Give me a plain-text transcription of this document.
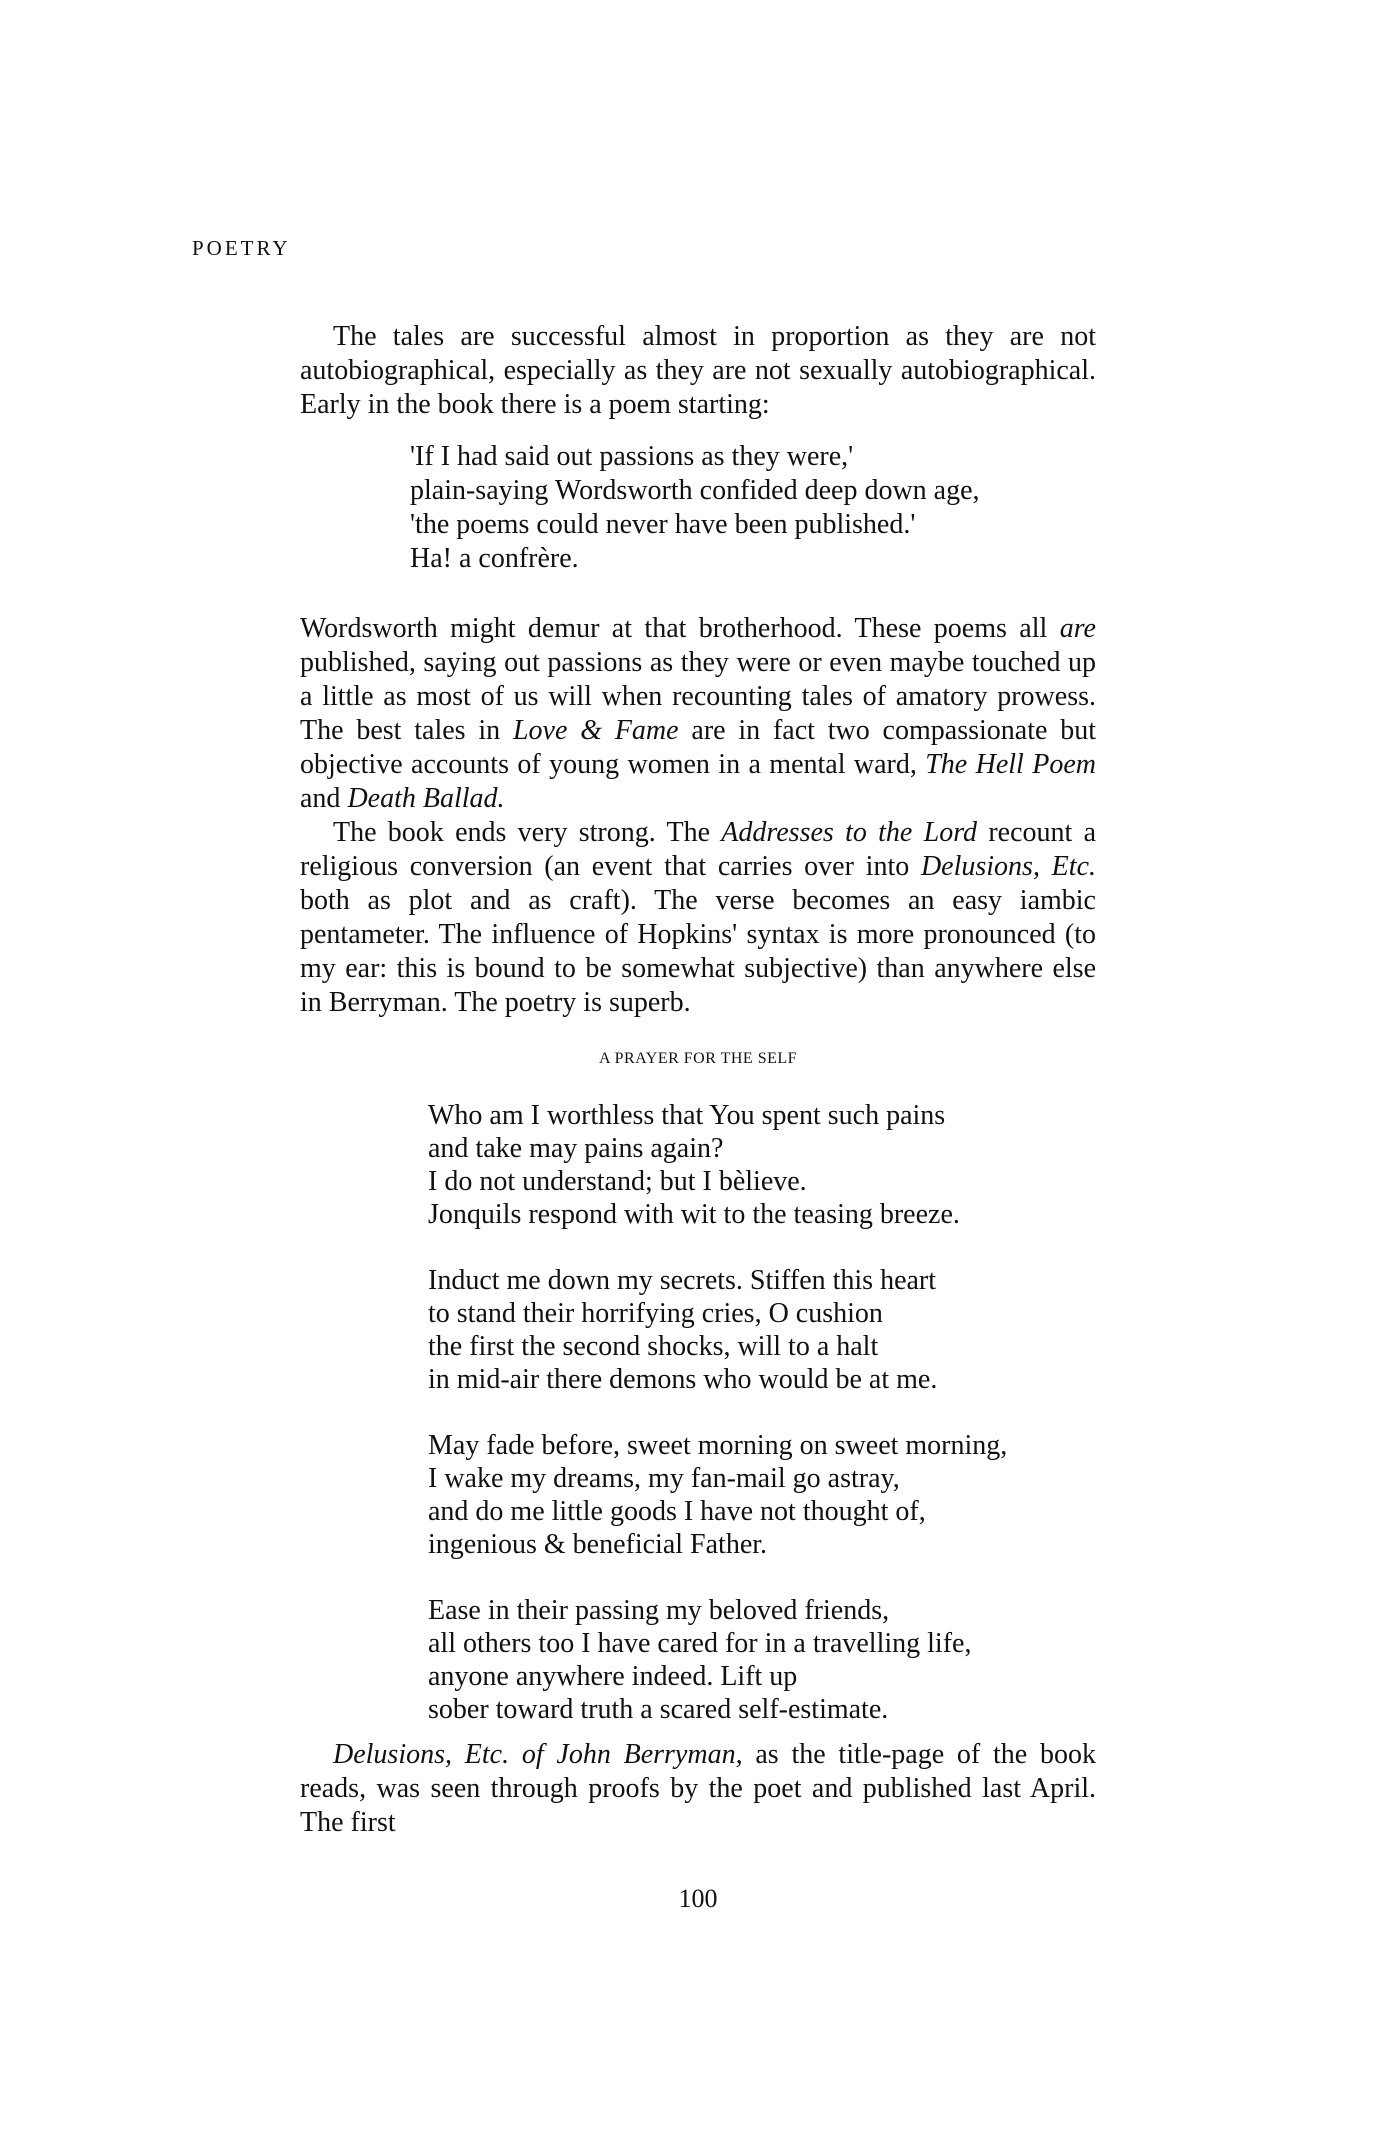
POETRY

The tales are successful almost in proportion as they are not autobiographical, especially as they are not sexually autobiographical. Early in the book there is a poem starting:

'If I had said out passions as they were,'
plain-saying Wordsworth confided deep down age,
'the poems could never have been published.'
Ha! a confrère.

Wordsworth might demur at that brotherhood. These poems all are published, saying out passions as they were or even maybe touched up a little as most of us will when recounting tales of amatory prowess. The best tales in Love & Fame are in fact two compassionate but objective accounts of young women in a mental ward, The Hell Poem and Death Ballad.

The book ends very strong. The Addresses to the Lord recount a religious conversion (an event that carries over into Delusions, Etc. both as plot and as craft). The verse becomes an easy iambic pentameter. The influence of Hopkins' syntax is more pronounced (to my ear: this is bound to be somewhat subjective) than anywhere else in Berryman. The poetry is superb.

A PRAYER FOR THE SELF
Who am I worthless that You spent such pains
and take may pains again?
I do not understand; but I bèlieve.
Jonquils respond with wit to the teasing breeze.
Induct me down my secrets. Stiffen this heart
to stand their horrifying cries, O cushion
the first the second shocks, will to a halt
in mid-air there demons who would be at me.
May fade before, sweet morning on sweet morning,
I wake my dreams, my fan-mail go astray,
and do me little goods I have not thought of,
ingenious & beneficial Father.
Ease in their passing my beloved friends,
all others too I have cared for in a travelling life,
anyone anywhere indeed. Lift up
sober toward truth a scared self-estimate.

Delusions, Etc. of John Berryman, as the title-page of the book reads, was seen through proofs by the poet and published last April. The first

100
